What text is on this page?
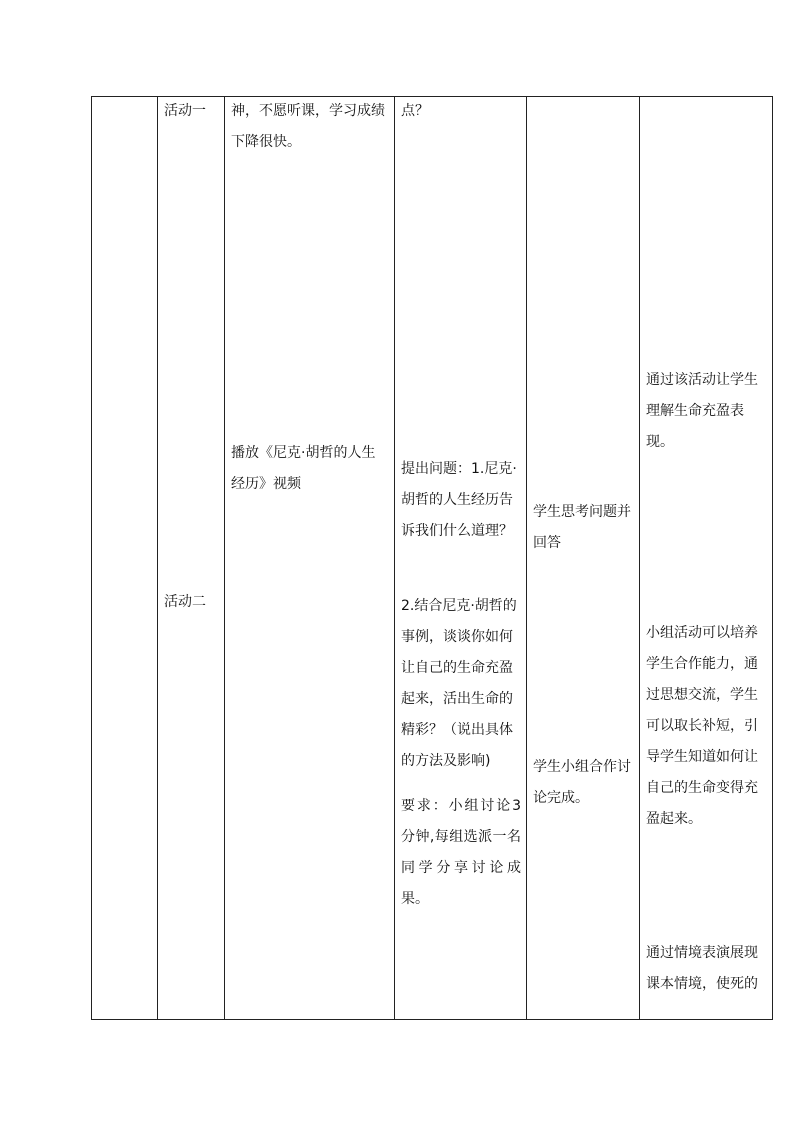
活动一
活动二
神，不愿听课，学习成绩下降很快。
播放《尼克·胡哲的人生经历》视频
点？
提出问题：1.尼克·胡哲的人生经历告诉我们什么道理？
2.结合尼克·胡哲的事例，谈谈你如何让自己的生命充盈起来，活出生命的精彩？（说出具体的方法及影响)
要求：小组讨论3分钟,每组选派一名同学分享讨论成果。
学生思考问题并回答
学生小组合作讨论完成。
通过该活动让学生理解生命充盈表现。
小组活动可以培养学生合作能力，通过思想交流，学生可以取长补短，引导学生知道如何让自己的生命变得充盈起来。
通过情境表演展现课本情境，使死的
